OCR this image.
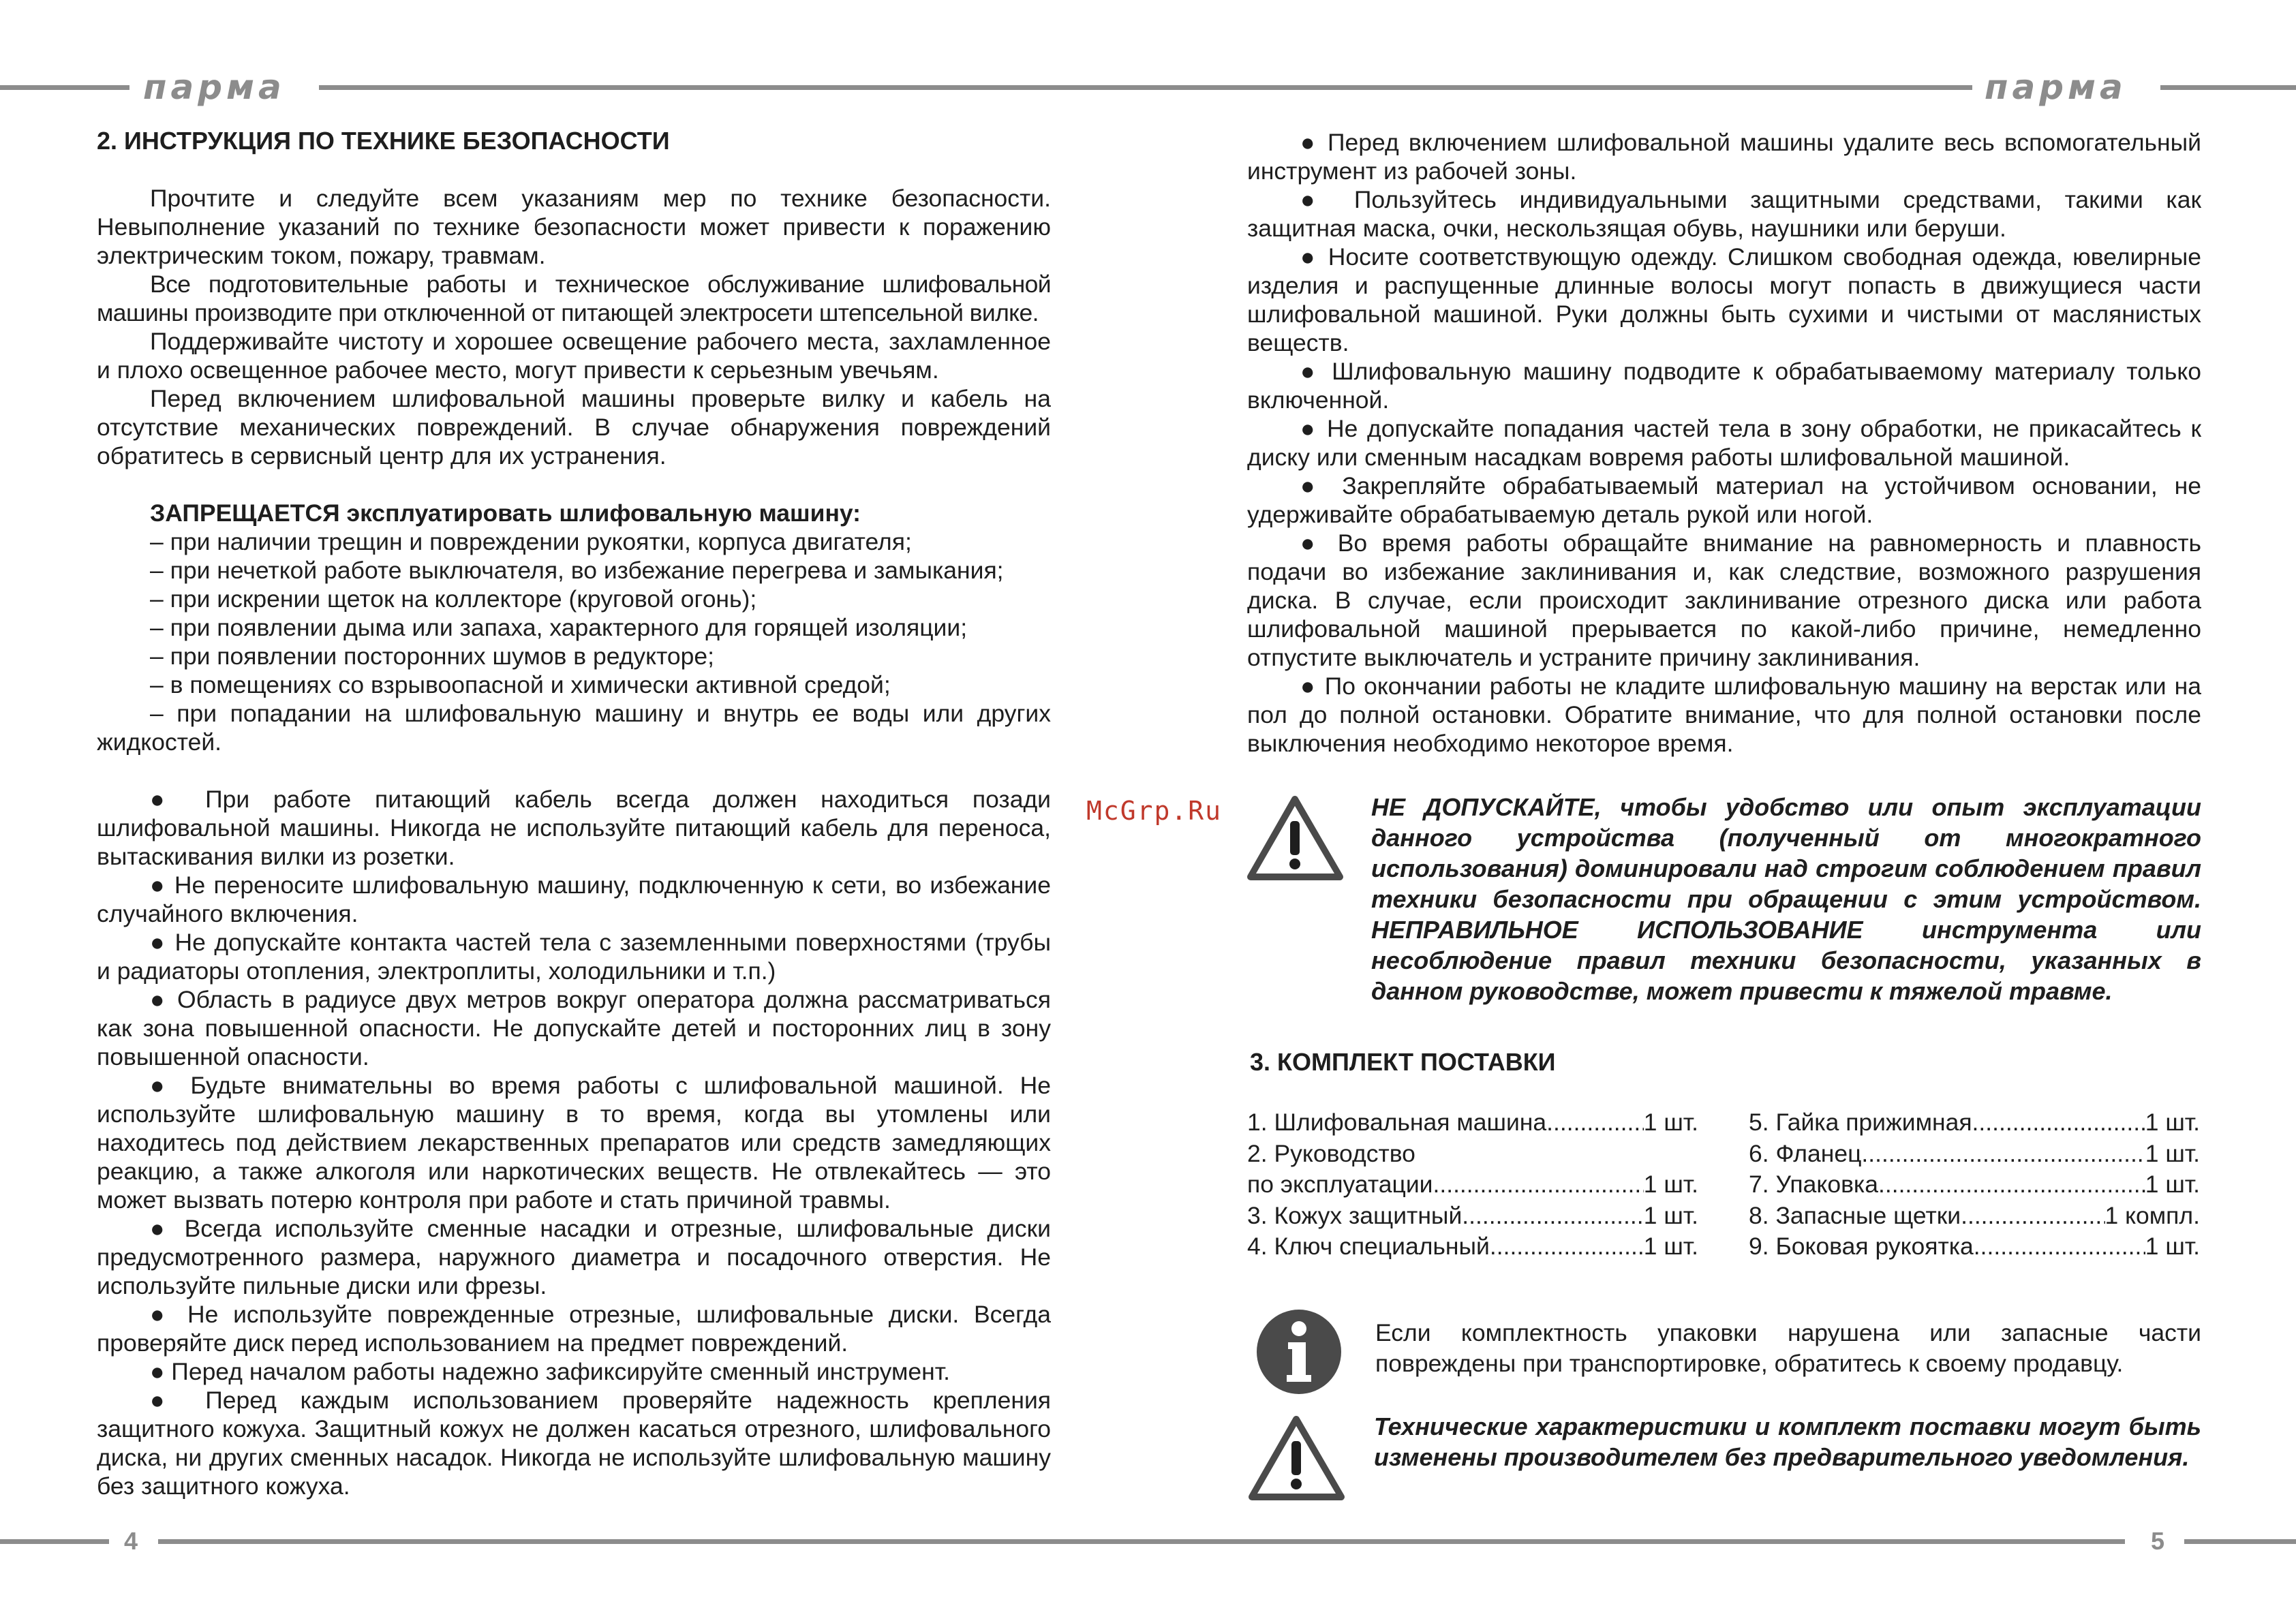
парма	парма
4	5
McGrp.Ru
2. ИНСТРУКЦИЯ ПО ТЕХНИКЕ БЕЗОПАСНОСТИ

Прочтите и следуйте всем указаниям мер по технике безопасности. Невыполнение указаний по технике безопасности может привести к поражению электрическим током, пожару, травмам.

Все подготовительные работы и техническое обслуживание шлифовальной машины производите при отключенной от питающей электросети штепсельной вилке.

Поддерживайте чистоту и хорошее освещение рабочего места, захламленное и плохо освещенное рабочее место, могут привести к серьезным увечьям.

Перед включением шлифовальной машины проверьте вилку и кабель на отсутствие механических повреждений. В случае обнаружения повреждений обратитесь в сервисный центр для их устранения.

ЗАПРЕЩАЕТСЯ эксплуатировать шлифовальную машину:

– при наличии трещин и повреждении рукоятки, корпуса двигателя;

– при нечеткой работе выключателя, во избежание перегрева и замыкания;

– при искрении щеток на коллекторе (круговой огонь);

– при появлении дыма или запаха, характерного для горящей изоляции;

– при появлении посторонних шумов в редукторе;

– в помещениях со взрывоопасной и химически активной средой;

– при попадании на шлифовальную машину и внутрь ее воды или других жидкостей.

● При работе питающий кабель всегда должен находиться позади шлифовальной машины. Никогда не используйте питающий кабель для переноса, вытаскивания вилки из розетки.

● Не переносите шлифовальную машину, подключенную к сети, во избежание случайного включения.

● Не допускайте контакта частей тела с заземленными поверхностями (трубы и радиаторы отопления, электроплиты, холодильники и т.п.)

● Область в радиусе двух метров вокруг оператора должна рассматриваться как зона повышенной опасности. Не допускайте детей и посторонних лиц в зону повышенной опасности.

● Будьте внимательны во время работы с шлифовальной машиной. Не используйте шлифовальную машину в то время, когда вы утомлены или находитесь под действием лекарственных препаратов или средств замедляющих реакцию, а также алкоголя или наркотических веществ. Не отвлекайтесь — это может вызвать потерю контроля при работе и стать причиной травмы.

● Всегда используйте сменные насадки и отрезные, шлифовальные диски предусмотренного размера, наружного диаметра и посадочного отверстия. Не используйте пильные диски или фрезы.

● Не используйте поврежденные отрезные, шлифовальные диски. Всегда проверяйте диск перед использованием на предмет повреждений.

● Перед началом работы надежно зафиксируйте сменный инструмент.

● Перед каждым использованием проверяйте надежность крепления защитного кожуха. Защитный кожух не должен касаться отрезного, шлифовального диска, ни других сменных насадок. Никогда не используйте шлифовальную машину без защитного кожуха.

● Перед включением шлифовальной машины удалите весь вспомогательный инструмент из рабочей зоны.

● Пользуйтесь индивидуальными защитными средствами, такими как защитная маска, очки, нескользящая обувь, наушники или беруши.

● Носите соответствующую одежду. Слишком свободная одежда, ювелирные изделия и распущенные длинные волосы могут попасть в движущиеся части шлифовальной машиной. Руки должны быть сухими и чистыми от маслянистых веществ.

● Шлифовальную машину подводите к обрабатываемому материалу только включенной.

● Не допускайте попадания частей тела в зону обработки, не прикасайтесь к диску или сменным насадкам вовремя работы шлифовальной машиной.

● Закрепляйте обрабатываемый материал на устойчивом основании, не удерживайте обрабатываемую деталь рукой или ногой.

● Во время работы обращайте внимание на равномерность и плавность подачи во избежание заклинивания и, как следствие, возможного разрушения диска. В случае, если происходит заклинивание отрезного диска или работа шлифовальной машиной прерывается по какой-либо причине, немедленно отпустите выключатель и устраните причину заклинивания.

● По окончании работы не кладите шлифовальную машину на верстак или на пол до полной остановки. Обратите внимание, что для полной остановки после выключения необходимо некоторое время.

НЕ ДОПУСКАЙТЕ, чтобы удобство или опыт эксплуатации данного устройства (полученный от многократного использования) доминировали над строгим соблюдением правил техники безопасности при обращении с этим устройством. НЕПРАВИЛЬНОЕ ИСПОЛЬЗОВАНИЕ инструмента или несоблюдение правил техники безопасности, указанных в данном руководстве, может привести к тяжелой травме.
3. КОМПЛЕКТ ПОСТАВКИ
1. Шлифовальная машина .....	1 шт.
2. Руководство
по эксплуатации .....	1 шт.
3. Кожух защитный .....	1 шт.
4. Ключ специальный .....	1 шт.
5. Гайка прижимная .....	1 шт.
6. Фланец .....	1 шт.
7. Упаковка .....	1 шт.
8. Запасные щетки .....	1 компл.
9. Боковая рукоятка .....	1 шт.
Если комплектность упаковки нарушена или запасные части повреждены при транспортировке, обратитесь к своему продавцу.
Технические характеристики и комплект поставки могут быть изменены производителем без предварительного уведомления.
